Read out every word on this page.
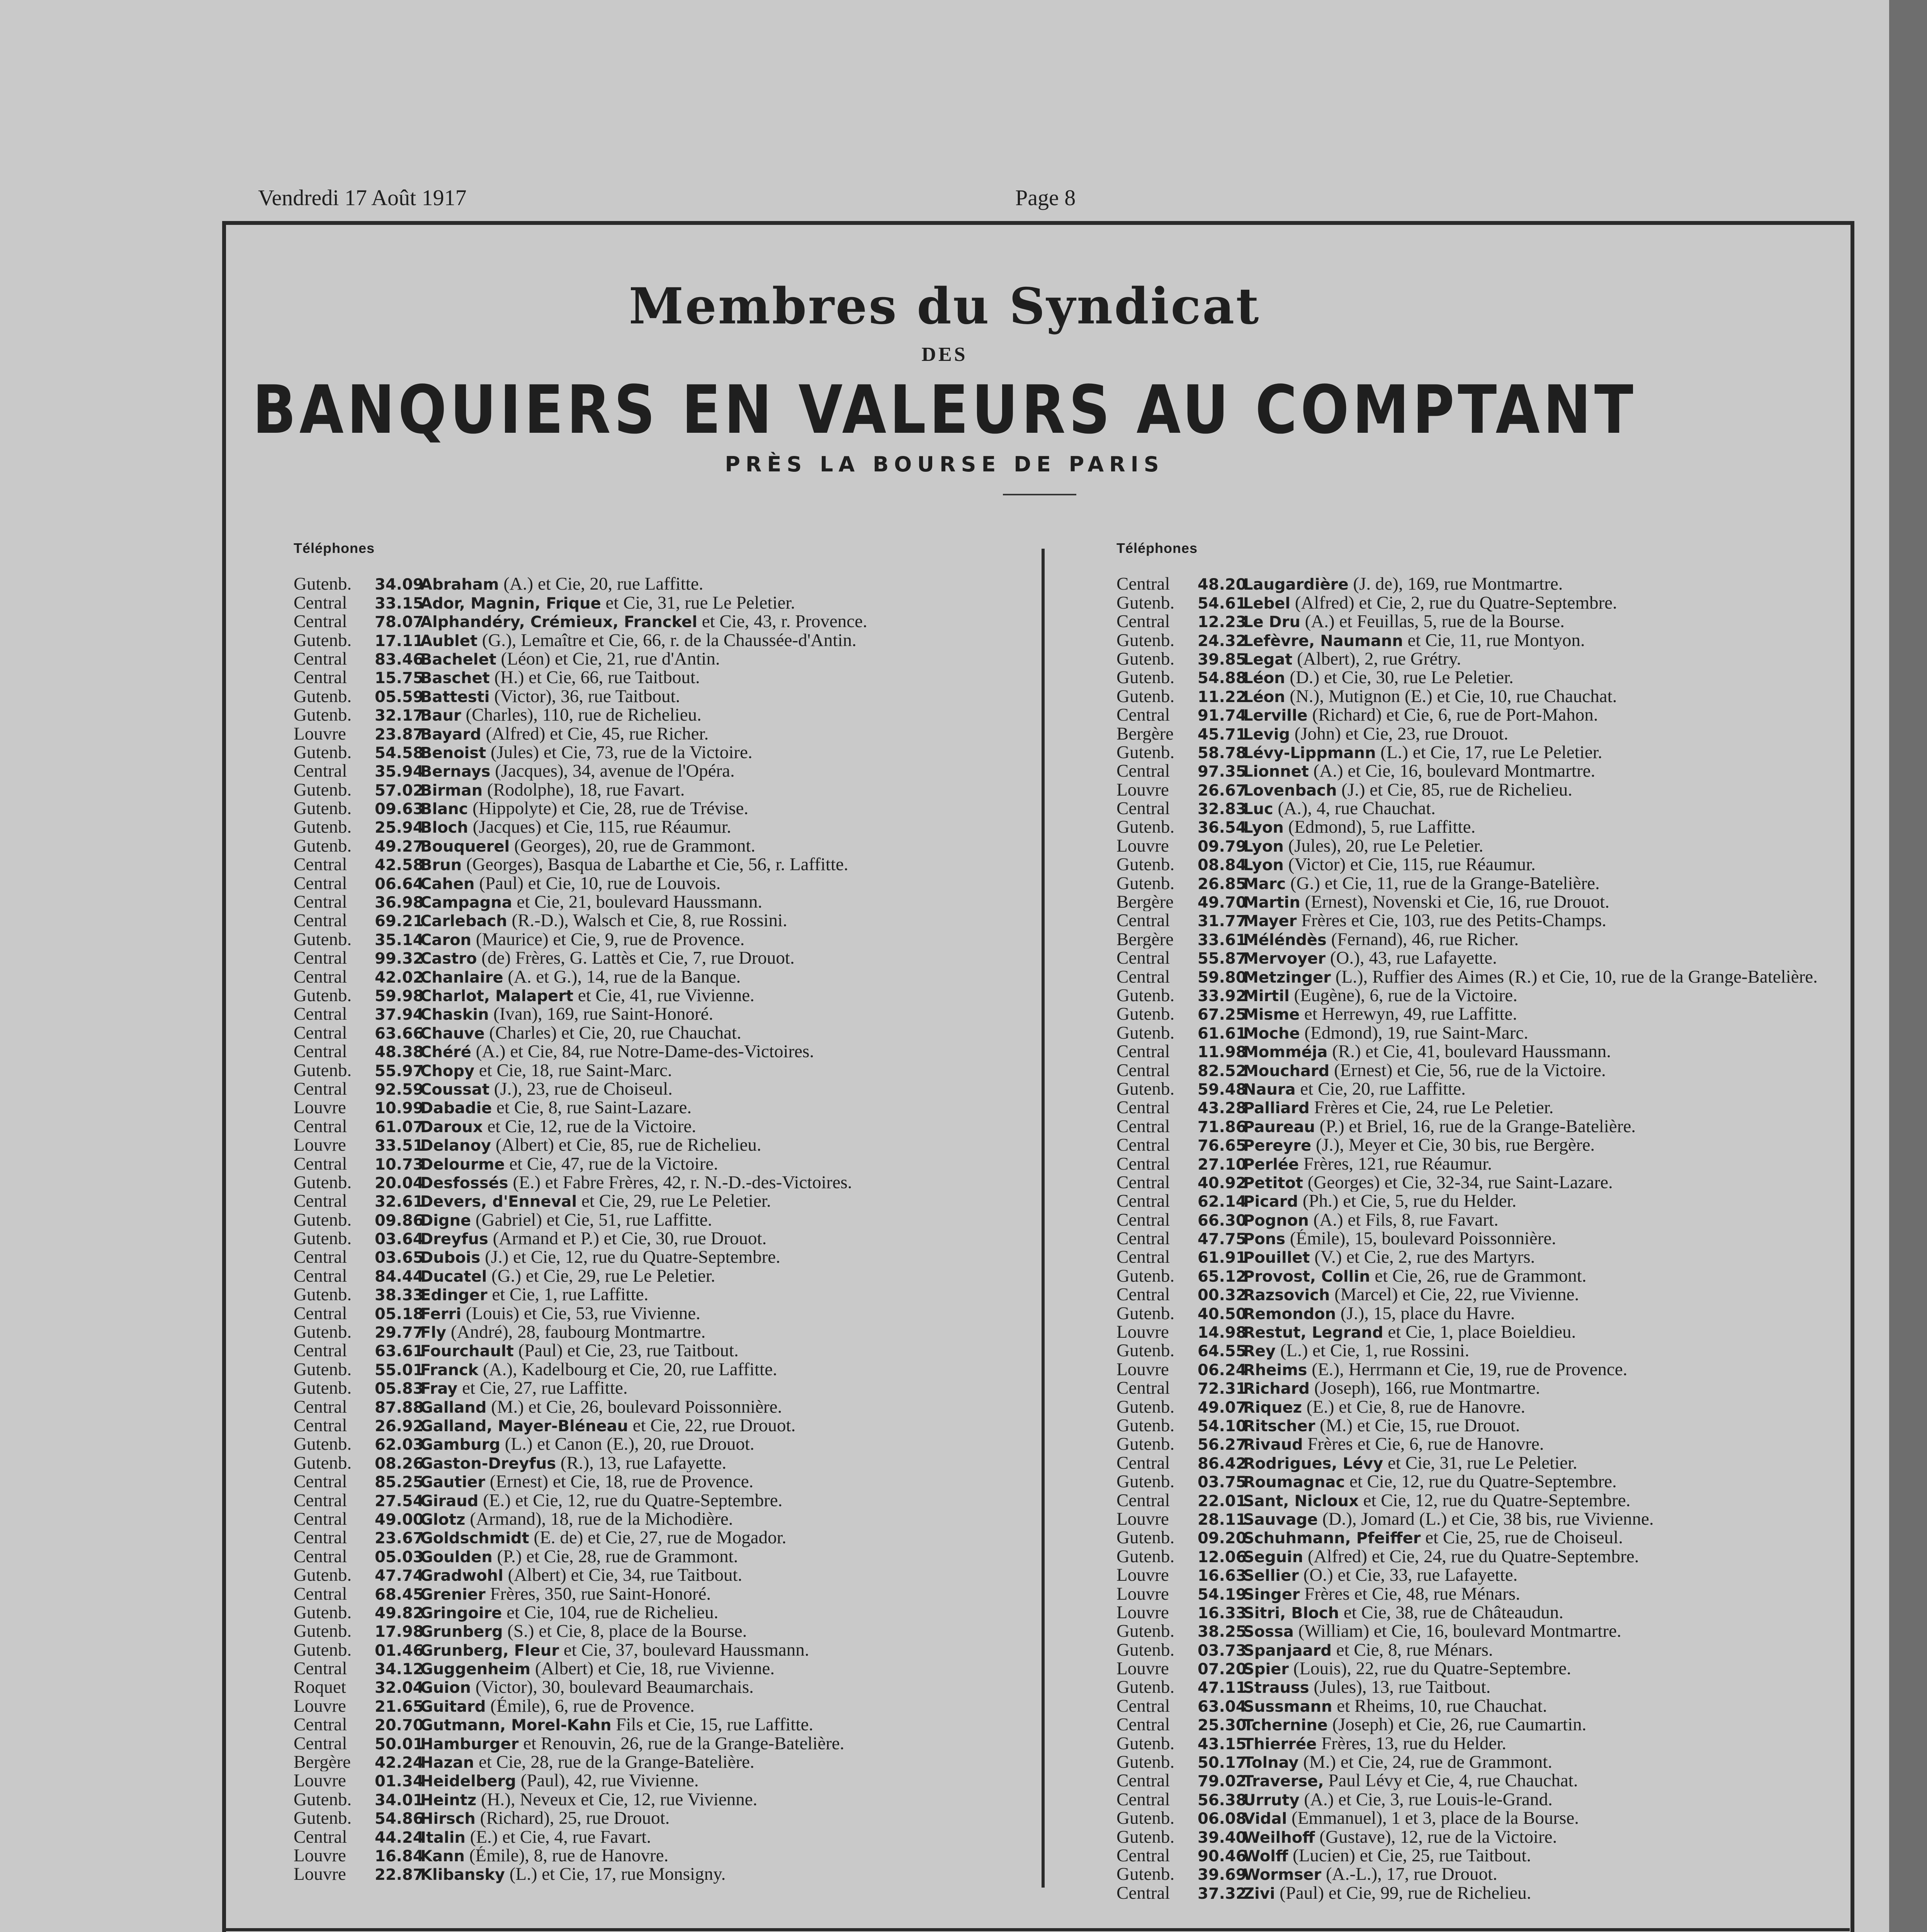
Vendredi 17 Août 1917	Page 8
Membres du Syndicat
DES
BANQUIERS EN VALEURS AU COMPTANT
PRÈS LA BOURSE DE PARIS
Téléphones
Gutenb. 34.09Abraham (A.) et Cie, 20, rue Laffitte.
Central 33.15Ador, Magnin, Frique et Cie, 31, rue Le Peletier.
Central 78.07Alphandéry, Crémieux, Franckel et Cie, 43, r. Provence.
Gutenb. 17.11Aublet (G.), Lemaître et Cie, 66, r. de la Chaussée-d'Antin.
Central 83.46Bachelet (Léon) et Cie, 21, rue d'Antin.
Central 15.75Baschet (H.) et Cie, 66, rue Taitbout.
Gutenb. 05.59Battesti (Victor), 36, rue Taitbout.
Gutenb. 32.17Baur (Charles), 110, rue de Richelieu.
Louvre 23.87Bayard (Alfred) et Cie, 45, rue Richer.
Gutenb. 54.58Benoist (Jules) et Cie, 73, rue de la Victoire.
Central 35.94Bernays (Jacques), 34, avenue de l'Opéra.
Gutenb. 57.02Birman (Rodolphe), 18, rue Favart.
Gutenb. 09.63Blanc (Hippolyte) et Cie, 28, rue de Trévise.
Gutenb. 25.94Bloch (Jacques) et Cie, 115, rue Réaumur.
Gutenb. 49.27Bouquerel (Georges), 20, rue de Grammont.
Central 42.58Brun (Georges), Basqua de Labarthe et Cie, 56, r. Laffitte.
Central 06.64Cahen (Paul) et Cie, 10, rue de Louvois.
Central 36.98Campagna et Cie, 21, boulevard Haussmann.
Central 69.21Carlebach (R.-D.), Walsch et Cie, 8, rue Rossini.
Gutenb. 35.14Caron (Maurice) et Cie, 9, rue de Provence.
Central 99.32Castro (de) Frères, G. Lattès et Cie, 7, rue Drouot.
Central 42.02Chanlaire (A. et G.), 14, rue de la Banque.
Gutenb. 59.98Charlot, Malapert et Cie, 41, rue Vivienne.
Central 37.94Chaskin (Ivan), 169, rue Saint-Honoré.
Central 63.66Chauve (Charles) et Cie, 20, rue Chauchat.
Central 48.38Chéré (A.) et Cie, 84, rue Notre-Dame-des-Victoires.
Gutenb. 55.97Chopy et Cie, 18, rue Saint-Marc.
Central 92.59Coussat (J.), 23, rue de Choiseul.
Louvre 10.99Dabadie et Cie, 8, rue Saint-Lazare.
Central 61.07Daroux et Cie, 12, rue de la Victoire.
Louvre 33.51Delanoy (Albert) et Cie, 85, rue de Richelieu.
Central 10.73Delourme et Cie, 47, rue de la Victoire.
Gutenb. 20.04Desfossés (E.) et Fabre Frères, 42, r. N.-D.-des-Victoires.
Central 32.61Devers, d'Enneval et Cie, 29, rue Le Peletier.
Gutenb. 09.86Digne (Gabriel) et Cie, 51, rue Laffitte.
Gutenb. 03.64Dreyfus (Armand et P.) et Cie, 30, rue Drouot.
Central 03.65Dubois (J.) et Cie, 12, rue du Quatre-Septembre.
Central 84.44Ducatel (G.) et Cie, 29, rue Le Peletier.
Gutenb. 38.33Edinger et Cie, 1, rue Laffitte.
Central 05.18Ferri (Louis) et Cie, 53, rue Vivienne.
Gutenb. 29.77Fly (André), 28, faubourg Montmartre.
Central 63.61Fourchault (Paul) et Cie, 23, rue Taitbout.
Gutenb. 55.01Franck (A.), Kadelbourg et Cie, 20, rue Laffitte.
Gutenb. 05.83Fray et Cie, 27, rue Laffitte.
Central 87.88Galland (M.) et Cie, 26, boulevard Poissonnière.
Central 26.92Galland, Mayer-Bléneau et Cie, 22, rue Drouot.
Gutenb. 62.03Gamburg (L.) et Canon (E.), 20, rue Drouot.
Gutenb. 08.26Gaston-Dreyfus (R.), 13, rue Lafayette.
Central 85.25Gautier (Ernest) et Cie, 18, rue de Provence.
Central 27.54Giraud (E.) et Cie, 12, rue du Quatre-Septembre.
Central 49.00Glotz (Armand), 18, rue de la Michodière.
Central 23.67Goldschmidt (E. de) et Cie, 27, rue de Mogador.
Central 05.03Goulden (P.) et Cie, 28, rue de Grammont.
Gutenb. 47.74Gradwohl (Albert) et Cie, 34, rue Taitbout.
Central 68.45Grenier Frères, 350, rue Saint-Honoré.
Gutenb. 49.82Gringoire et Cie, 104, rue de Richelieu.
Gutenb. 17.98Grunberg (S.) et Cie, 8, place de la Bourse.
Gutenb. 01.46Grunberg, Fleur et Cie, 37, boulevard Haussmann.
Central 34.12Guggenheim (Albert) et Cie, 18, rue Vivienne.
Roquet 32.04Guion (Victor), 30, boulevard Beaumarchais.
Louvre 21.65Guitard (Émile), 6, rue de Provence.
Central 20.70Gutmann, Morel-Kahn Fils et Cie, 15, rue Laffitte.
Central 50.01Hamburger et Renouvin, 26, rue de la Grange-Batelière.
Bergère 42.24Hazan et Cie, 28, rue de la Grange-Batelière.
Louvre 01.34Heidelberg (Paul), 42, rue Vivienne.
Gutenb. 34.01Heintz (H.), Neveux et Cie, 12, rue Vivienne.
Gutenb. 54.86Hirsch (Richard), 25, rue Drouot.
Central 44.24Italin (E.) et Cie, 4, rue Favart.
Louvre 16.84Kann (Émile), 8, rue de Hanovre.
Louvre 22.87Klibansky (L.) et Cie, 17, rue Monsigny.
Téléphones
Central 48.20Laugardière (J. de), 169, rue Montmartre.
Gutenb. 54.61Lebel (Alfred) et Cie, 2, rue du Quatre-Septembre.
Central 12.23Le Dru (A.) et Feuillas, 5, rue de la Bourse.
Gutenb. 24.32Lefèvre, Naumann et Cie, 11, rue Montyon.
Gutenb. 39.85Legat (Albert), 2, rue Grétry.
Gutenb. 54.88Léon (D.) et Cie, 30, rue Le Peletier.
Gutenb. 11.22Léon (N.), Mutignon (E.) et Cie, 10, rue Chauchat.
Central 91.74Lerville (Richard) et Cie, 6, rue de Port-Mahon.
Bergère 45.71Levig (John) et Cie, 23, rue Drouot.
Gutenb. 58.78Lévy-Lippmann (L.) et Cie, 17, rue Le Peletier.
Central 97.35Lionnet (A.) et Cie, 16, boulevard Montmartre.
Louvre 26.67Lovenbach (J.) et Cie, 85, rue de Richelieu.
Central 32.83Luc (A.), 4, rue Chauchat.
Gutenb. 36.54Lyon (Edmond), 5, rue Laffitte.
Louvre 09.79Lyon (Jules), 20, rue Le Peletier.
Gutenb. 08.84Lyon (Victor) et Cie, 115, rue Réaumur.
Gutenb. 26.85Marc (G.) et Cie, 11, rue de la Grange-Batelière.
Bergère 49.70Martin (Ernest), Novenski et Cie, 16, rue Drouot.
Central 31.77Mayer Frères et Cie, 103, rue des Petits-Champs.
Bergère 33.61Méléndès (Fernand), 46, rue Richer.
Central 55.87Mervoyer (O.), 43, rue Lafayette.
Central 59.80Metzinger (L.), Ruffier des Aimes (R.) et Cie, 10, rue de la Grange-Batelière.
Gutenb. 33.92Mirtil (Eugène), 6, rue de la Victoire.
Gutenb. 67.25Misme et Herrewyn, 49, rue Laffitte.
Gutenb. 61.61Moche (Edmond), 19, rue Saint-Marc.
Central 11.98Momméja (R.) et Cie, 41, boulevard Haussmann.
Central 82.52Mouchard (Ernest) et Cie, 56, rue de la Victoire.
Gutenb. 59.48Naura et Cie, 20, rue Laffitte.
Central 43.28Palliard Frères et Cie, 24, rue Le Peletier.
Central 71.86Paureau (P.) et Briel, 16, rue de la Grange-Batelière.
Central 76.65Pereyre (J.), Meyer et Cie, 30 bis, rue Bergère.
Central 27.10Perlée Frères, 121, rue Réaumur.
Central 40.92Petitot (Georges) et Cie, 32-34, rue Saint-Lazare.
Central 62.14Picard (Ph.) et Cie, 5, rue du Helder.
Central 66.30Pognon (A.) et Fils, 8, rue Favart.
Central 47.75Pons (Émile), 15, boulevard Poissonnière.
Central 61.91Pouillet (V.) et Cie, 2, rue des Martyrs.
Gutenb. 65.12Provost, Collin et Cie, 26, rue de Grammont.
Central 00.32Razsovich (Marcel) et Cie, 22, rue Vivienne.
Gutenb. 40.50Remondon (J.), 15, place du Havre.
Louvre 14.98Restut, Legrand et Cie, 1, place Boieldieu.
Gutenb. 64.55Rey (L.) et Cie, 1, rue Rossini.
Louvre 06.24Rheims (E.), Herrmann et Cie, 19, rue de Provence.
Central 72.31Richard (Joseph), 166, rue Montmartre.
Gutenb. 49.07Riquez (E.) et Cie, 8, rue de Hanovre.
Gutenb. 54.10Ritscher (M.) et Cie, 15, rue Drouot.
Gutenb. 56.27Rivaud Frères et Cie, 6, rue de Hanovre.
Central 86.42Rodrigues, Lévy et Cie, 31, rue Le Peletier.
Gutenb. 03.75Roumagnac et Cie, 12, rue du Quatre-Septembre.
Central 22.01Sant, Nicloux et Cie, 12, rue du Quatre-Septembre.
Louvre 28.11Sauvage (D.), Jomard (L.) et Cie, 38 bis, rue Vivienne.
Gutenb. 09.20Schuhmann, Pfeiffer et Cie, 25, rue de Choiseul.
Gutenb. 12.06Seguin (Alfred) et Cie, 24, rue du Quatre-Septembre.
Louvre 16.63Sellier (O.) et Cie, 33, rue Lafayette.
Louvre 54.19Singer Frères et Cie, 48, rue Ménars.
Louvre 16.33Sitri, Bloch et Cie, 38, rue de Châteaudun.
Gutenb. 38.25Sossa (William) et Cie, 16, boulevard Montmartre.
Gutenb. 03.73Spanjaard et Cie, 8, rue Ménars.
Louvre 07.20Spier (Louis), 22, rue du Quatre-Septembre.
Gutenb. 47.11Strauss (Jules), 13, rue Taitbout.
Central 63.04Sussmann et Rheims, 10, rue Chauchat.
Central 25.30Tchernine (Joseph) et Cie, 26, rue Caumartin.
Gutenb. 43.15Thierrée Frères, 13, rue du Helder.
Gutenb. 50.17Tolnay (M.) et Cie, 24, rue de Grammont.
Central 79.02Traverse, Paul Lévy et Cie, 4, rue Chauchat.
Central 56.38Urruty (A.) et Cie, 3, rue Louis-le-Grand.
Gutenb. 06.08Vidal (Emmanuel), 1 et 3, place de la Bourse.
Gutenb. 39.40Weilhoff (Gustave), 12, rue de la Victoire.
Central 90.46Wolff (Lucien) et Cie, 25, rue Taitbout.
Gutenb. 39.69Wormser (A.-L.), 17, rue Drouot.
Central 37.32Zivi (Paul) et Cie, 99, rue de Richelieu.
